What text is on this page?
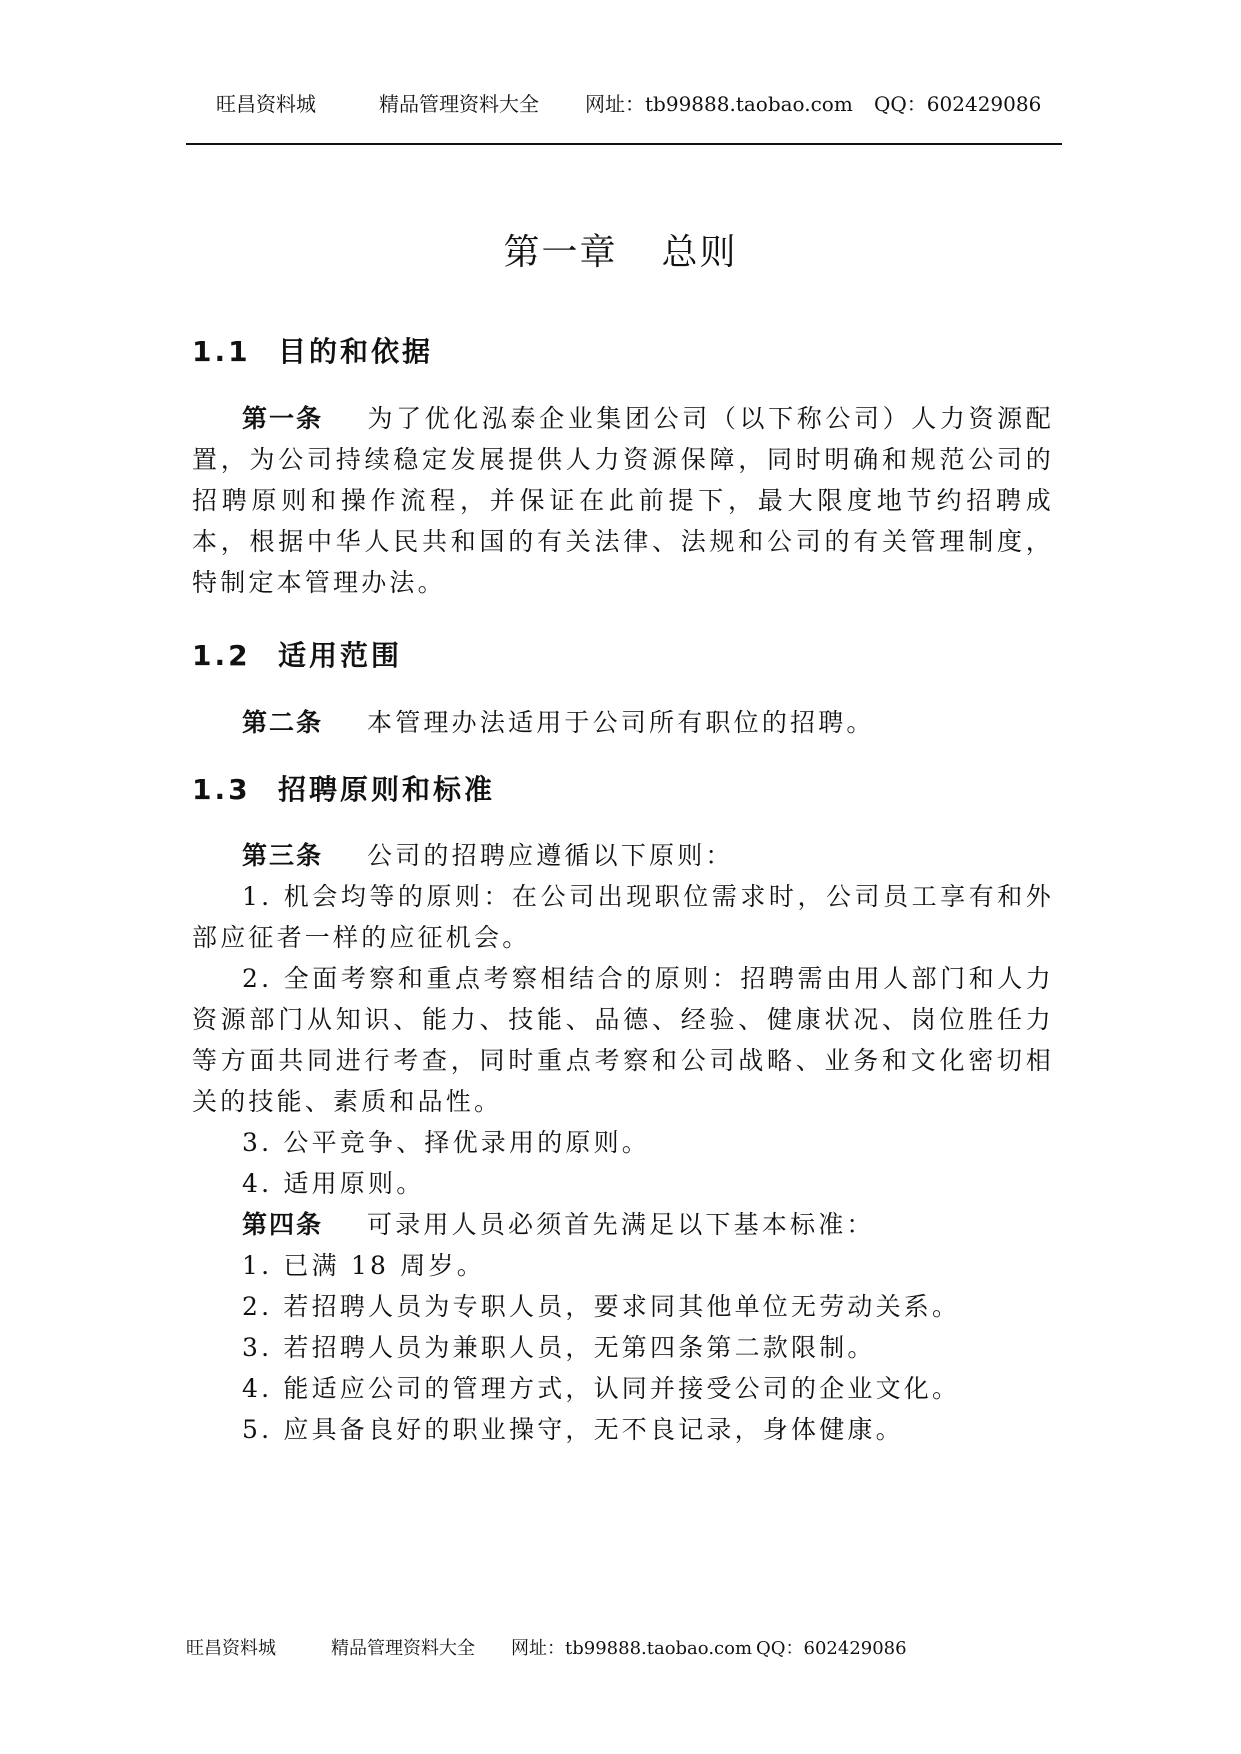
旺昌资料城	精品管理资料大全 网址：tb99888.taobao.com QQ：602429086
第一章 总则
1.1 目的和依据
第一条 为了优化泓泰企业集团公司（以下称公司）人力资源配置，为公司持续稳定发展提供人力资源保障，同时明确和规范公司的招聘原则和操作流程，并保证在此前提下，最大限度地节约招聘成本，根据中华人民共和国的有关法律、法规和公司的有关管理制度，特制定本管理办法。
1.2 适用范围
第二条 本管理办法适用于公司所有职位的招聘。
1.3 招聘原则和标准
第三条 公司的招聘应遵循以下原则：
1. 机会均等的原则：在公司出现职位需求时，公司员工享有和外部应征者一样的应征机会。
2. 全面考察和重点考察相结合的原则：招聘需由用人部门和人力资源部门从知识、能力、技能、品德、经验、健康状况、岗位胜任力等方面共同进行考查，同时重点考察和公司战略、业务和文化密切相关的技能、素质和品性。
3. 公平竞争、择优录用的原则。
4. 适用原则。
第四条 可录用人员必须首先满足以下基本标准：
1. 已满 18 周岁。
2. 若招聘人员为专职人员，要求同其他单位无劳动关系。
3. 若招聘人员为兼职人员，无第四条第二款限制。
4. 能适应公司的管理方式，认同并接受公司的企业文化。
5. 应具备良好的职业操守，无不良记录，身体健康。
旺昌资料城	精品管理资料大全 网址：tb99888.taobao.com QQ：602429086
